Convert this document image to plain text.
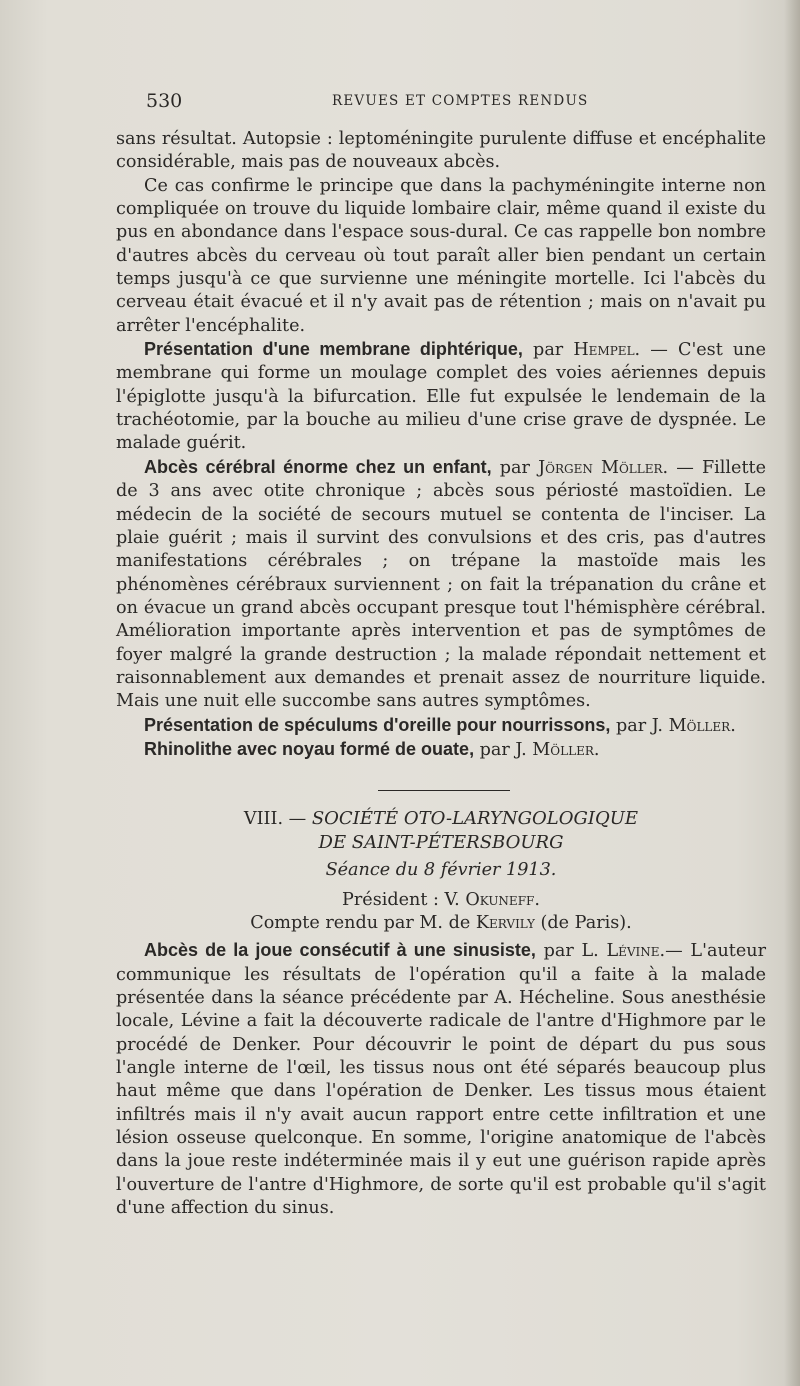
530	REVUES ET COMPTES RENDUS

sans résultat. Autopsie : leptoméningite purulente diffuse et encéphalite considérable, mais pas de nouveaux abcès.

Ce cas confirme le principe que dans la pachyméningite interne non compliquée on trouve du liquide lombaire clair, même quand il existe du pus en abondance dans l'espace sous-dural. Ce cas rappelle bon nombre d'autres abcès du cerveau où tout paraît aller bien pendant un certain temps jusqu'à ce que survienne une méningite mortelle. Ici l'abcès du cerveau était évacué et il n'y avait pas de rétention ; mais on n'avait pu arrêter l'encéphalite.

Présentation d'une membrane diphtérique, par Hempel. — C'est une membrane qui forme un moulage complet des voies aériennes depuis l'épiglotte jusqu'à la bifurcation. Elle fut expulsée le lendemain de la trachéotomie, par la bouche au milieu d'une crise grave de dyspnée. Le malade guérit.

Abcès cérébral énorme chez un enfant, par Jörgen Möller. — Fillette de 3 ans avec otite chronique ; abcès sous périosté mastoïdien. Le médecin de la société de secours mutuel se contenta de l'inciser. La plaie guérit ; mais il survint des convulsions et des cris, pas d'autres manifestations cérébrales ; on trépane la mastoïde mais les phénomènes cérébraux surviennent ; on fait la trépanation du crâne et on évacue un grand abcès occupant presque tout l'hémisphère cérébral. Amélioration importante après intervention et pas de symptômes de foyer malgré la grande destruction ; la malade répondait nettement et raisonnablement aux demandes et prenait assez de nourriture liquide. Mais une nuit elle succombe sans autres symptômes.

Présentation de spéculums d'oreille pour nourrissons, par J. Möller.

Rhinolithe avec noyau formé de ouate, par J. Möller.

VIII. — SOCIÉTÉ OTO-LARYNGOLOGIQUE
DE SAINT-PÉTERSBOURG
Séance du 8 février 1913.
Président : V. Okuneff.
Compte rendu par M. de Kervily (de Paris).

Abcès de la joue consécutif à une sinusiste, par L. Lévine.— L'auteur communique les résultats de l'opération qu'il a faite à la malade présentée dans la séance précédente par A. Hécheline. Sous anesthésie locale, Lévine a fait la découverte radicale de l'antre d'Highmore par le procédé de Denker. Pour découvrir le point de départ du pus sous l'angle interne de l'œil, les tissus nous ont été séparés beaucoup plus haut même que dans l'opération de Denker. Les tissus mous étaient infiltrés mais il n'y avait aucun rapport entre cette infiltration et une lésion osseuse quelconque. En somme, l'origine anatomique de l'abcès dans la joue reste indéterminée mais il y eut une guérison rapide après l'ouverture de l'antre d'Highmore, de sorte qu'il est probable qu'il s'agit d'une affection du sinus.
